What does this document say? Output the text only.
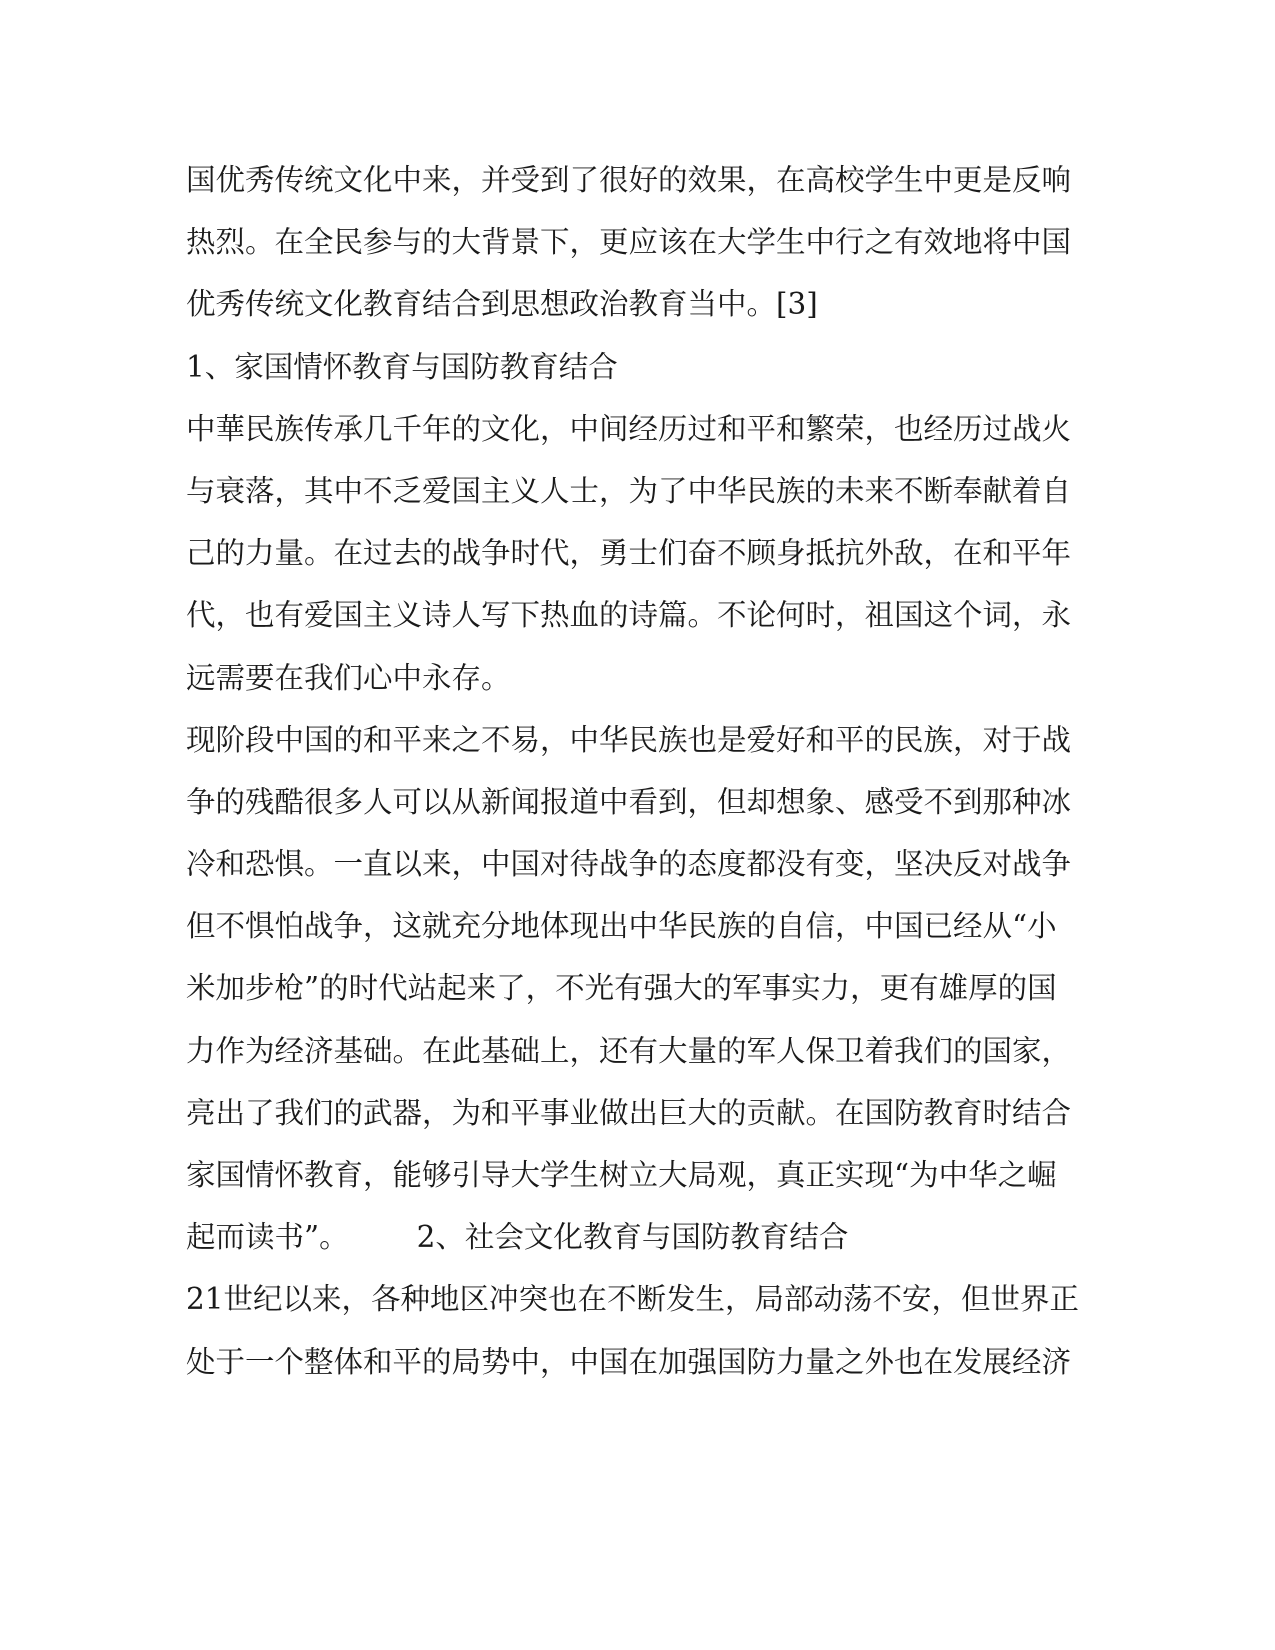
国优秀传统文化中来，并受到了很好的效果，在高校学生中更是反响
热烈。在全民参与的大背景下，更应该在大学生中行之有效地将中国
优秀传统文化教育结合到思想政治教育当中。[3]
1、家国情怀教育与国防教育结合
中華民族传承几千年的文化，中间经历过和平和繁荣，也经历过战火
与衰落，其中不乏爱国主义人士，为了中华民族的未来不断奉献着自
己的力量。在过去的战争时代，勇士们奋不顾身抵抗外敌，在和平年
代，也有爱国主义诗人写下热血的诗篇。不论何时，祖国这个词，永
远需要在我们心中永存。
现阶段中国的和平来之不易，中华民族也是爱好和平的民族，对于战
争的残酷很多人可以从新闻报道中看到，但却想象、感受不到那种冰
冷和恐惧。一直以来，中国对待战争的态度都没有变，坚决反对战争
但不惧怕战争，这就充分地体现出中华民族的自信，中国已经从“小
米加步枪”的时代站起来了，不光有强大的军事实力，更有雄厚的国
力作为经济基础。在此基础上，还有大量的军人保卫着我们的国家，
亮出了我们的武器，为和平事业做出巨大的贡献。在国防教育时结合
家国情怀教育，能够引导大学生树立大局观，真正实现“为中华之崛
起而读书”。 2、社会文化教育与国防教育结合
21世纪以来，各种地区冲突也在不断发生，局部动荡不安，但世界正
处于一个整体和平的局势中，中国在加强国防力量之外也在发展经济
